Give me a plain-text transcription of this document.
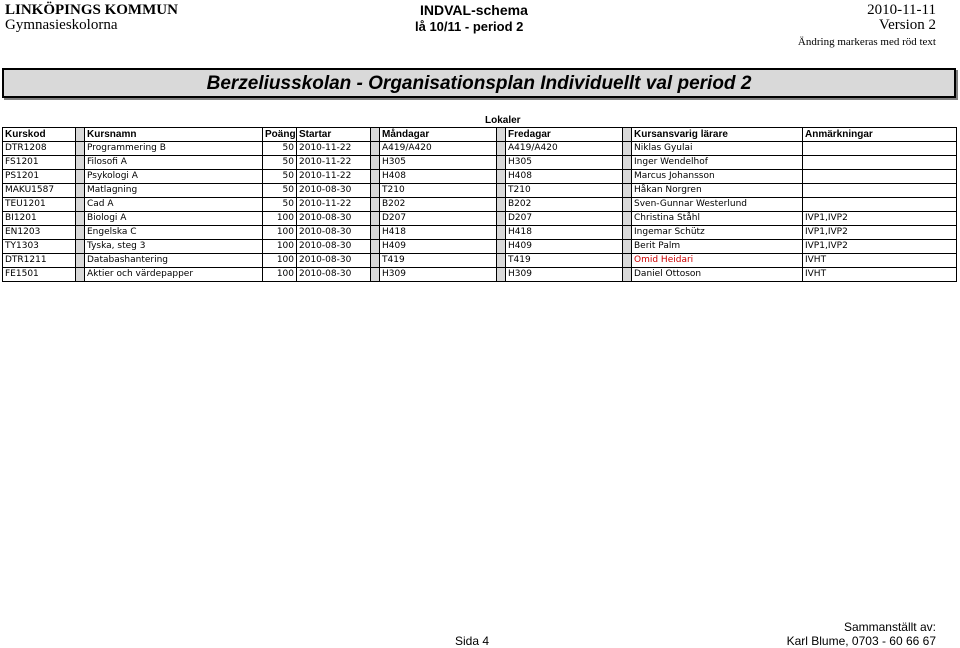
LINKÖPINGS KOMMUN
Gymnasieskolorna
INDVAL-schema
lå 10/11 - period 2
2010-11-11
Version 2
Ändring markeras med röd text
Berzeliusskolan - Organisationsplan Individuellt val period 2
Lokaler
Kurskod		Kursnamn	Poäng	Startar		Måndagar		Fredagar		Kursansvarig lärare	Anmärkningar
DTR1208		Programmering B	50	2010-11-22		A419/A420		A419/A420		Niklas Gyulai	
FS1201		Filosofi A	50	2010-11-22		H305		H305		Inger Wendelhof	
PS1201		Psykologi A	50	2010-11-22		H408		H408		Marcus Johansson	
MAKU1587		Matlagning	50	2010-08-30		T210		T210		Håkan Norgren	
TEU1201		Cad A	50	2010-11-22		B202		B202		Sven-Gunnar Westerlund	
BI1201		Biologi A	100	2010-08-30		D207		D207		Christina Ståhl	IVP1,IVP2
EN1203		Engelska C	100	2010-08-30		H418		H418		Ingemar Schütz	IVP1,IVP2
TY1303		Tyska, steg 3	100	2010-08-30		H409		H409		Berit Palm	IVP1,IVP2
DTR1211		Databashantering	100	2010-08-30		T419		T419		Omid Heidari	IVHT
FE1501		Aktier och värdepapper	100	2010-08-30		H309		H309		Daniel Ottoson	IVHT
Sida 4
Sammanställt av:
Karl Blume, 0703 - 60 66 67
